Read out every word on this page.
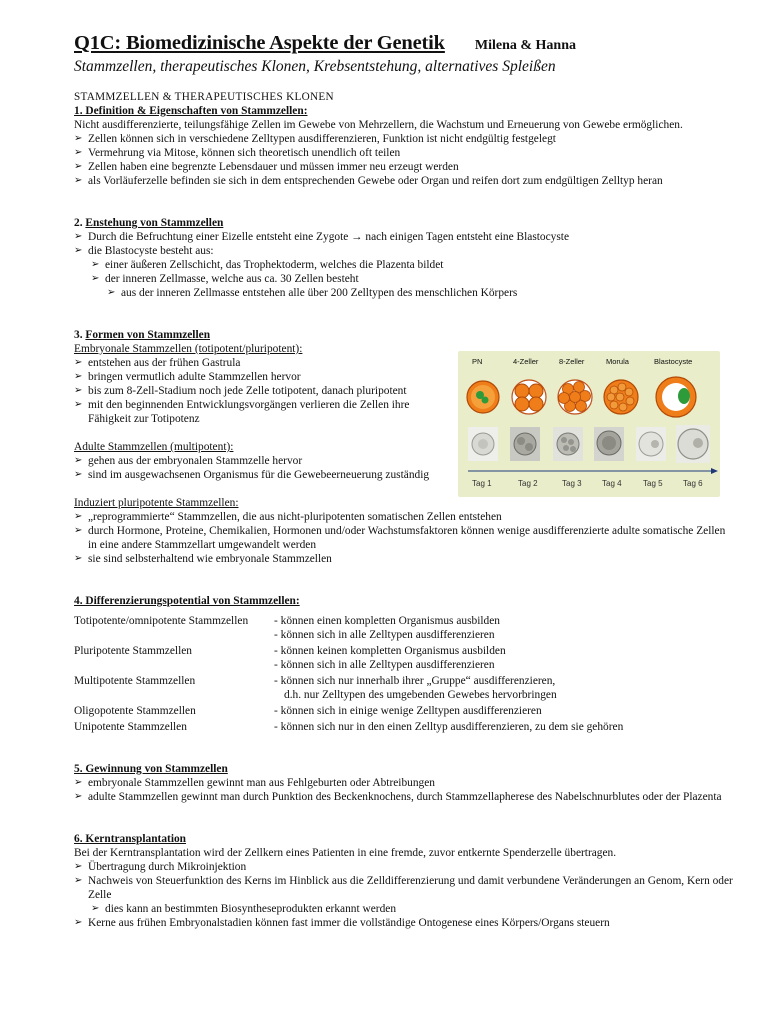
Q1C: Biomedizinische Aspekte der Genetik Milena & Hanna
Stammzellen, therapeutisches Klonen, Krebsentstehung, alternatives Spleißen
STAMMZELLEN & THERAPEUTISCHES KLONEN
1. Definition & Eigenschaften von Stammzellen:

Nicht ausdifferenzierte, teilungsfähige Zellen im Gewebe von Mehrzellern, die Wachstum und Erneuerung von Gewebe ermöglichen.

➢ Zellen können sich in verschiedene Zelltypen ausdifferenzieren, Funktion ist nicht endgültig festgelegt

➢ Vermehrung via Mitose, können sich theoretisch unendlich oft teilen

➢ Zellen haben eine begrenzte Lebensdauer und müssen immer neu erzeugt werden

➢ als Vorläuferzelle befinden sie sich in dem entsprechenden Gewebe oder Organ und reifen dort zum endgültigen Zelltyp heran

2. Enstehung von Stammzellen

➢ Durch die Befruchtung einer Eizelle entsteht eine Zygote → nach einigen Tagen entsteht eine Blastocyste

➢ die Blastocyste besteht aus:

➢ einer äußeren Zellschicht, das Trophektoderm, welches die Plazenta bildet

➢ der inneren Zellmasse, welche aus ca. 30 Zellen besteht

➢ aus der inneren Zellmasse entstehen alle über 200 Zelltypen des menschlichen Körpers

3. Formen von Stammzellen
Embryonale Stammzellen (totipotent/pluripotent):

➢ entstehen aus der frühen Gastrula

➢ bringen vermutlich adulte Stammzellen hervor

➢ bis zum 8-Zell-Stadium noch jede Zelle totipotent, danach pluripotent

➢ mit den beginnenden Entwicklungsvorgängen verlieren die Zellen ihre Fähigkeit zur Totipotenz

Adulte Stammzellen (multipotent):

➢ gehen aus der embryonalen Stammzelle hervor

➢ sind im ausgewachsenen Organismus für die Gewebeerneuerung zuständig

Induziert pluripotente Stammzellen:

➢ „reprogrammierte“ Stammzellen, die aus nicht-pluripotenten somatischen Zellen entstehen

➢ durch Hormone, Proteine, Chemikalien, Hormonen und/oder Wachstumsfaktoren können wenige ausdifferenzierte adulte somatische Zellen in eine andere Stammzellart umgewandelt werden

➢ sie sind selbsterhaltend wie embryonale Stammzellen

4. Differenzierungspotential von Stammzellen:
Totipotente/omnipotente Stammzellen	- können einen kompletten Organismus ausbilden
- können sich in alle Zelltypen ausdifferenzieren
Pluripotente Stammzellen	- können keinen kompletten Organismus ausbilden
- können sich in alle Zelltypen ausdifferenzieren
Multipotente Stammzellen	- können sich nur innerhalb ihrer „Gruppe“ ausdifferenzieren,
d.h. nur Zelltypen des umgebenden Gewebes hervorbringen
Oligopotente Stammzellen	- können sich in einige wenige Zelltypen ausdifferenzieren
Unipotente Stammzellen	- können sich nur in den einen Zelltyp ausdifferenzieren, zu dem sie gehören
5. Gewinnung von Stammzellen

➢ embryonale Stammzellen gewinnt man aus Fehlgeburten oder Abtreibungen

➢ adulte Stammzellen gewinnt man durch Punktion des Beckenknochens, durch Stammzellapherese des Nabelschnurblutes oder der Plazenta

6. Kerntransplantation

Bei der Kerntransplantation wird der Zellkern eines Patienten in eine fremde, zuvor entkernte Spenderzelle übertragen.

➢ Übertragung durch Mikroinjektion

➢ Nachweis von Steuerfunktion des Kerns im Hinblick aus die Zelldifferenzierung und damit verbundene Veränderungen an Genom, Kern oder Zelle

➢ dies kann an bestimmten Biosyntheseprodukten erkannt werden

➢ Kerne aus frühen Embryonalstadien können fast immer die vollständige Ontogenese eines Körpers/Organs steuern

PN	4-Zeller	8-Zeller	Morula	Blastocyste
Tag 1	Tag 2	Tag 3	Tag 4	Tag 5	Tag 6
